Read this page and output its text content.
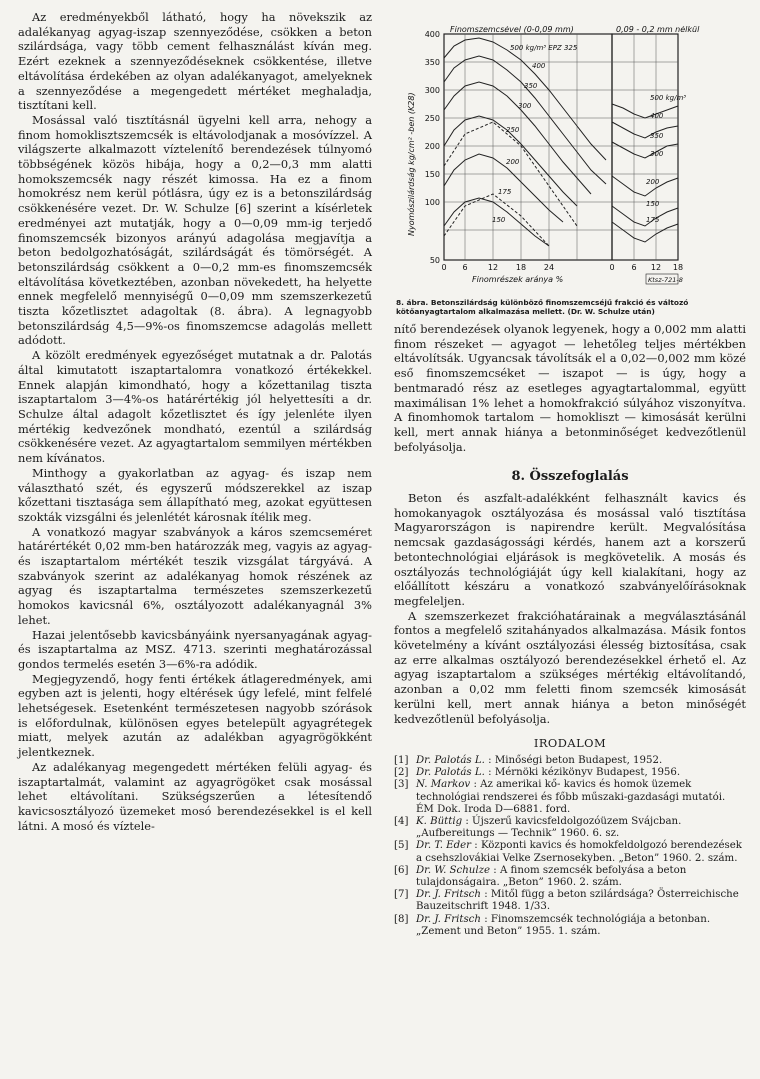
Az eredményekből látható, hogy ha növekszik az adalékanyag agyag-iszap szennyeződése, csökken a beton szilárdsága, vagy több cement felhasználást kíván meg. Ezért ezeknek a szennyeződéseknek csökkentése, illetve eltávolítása érdekében az olyan adalékanyagot, amelyeknek a szennyeződése a megengedett mértéket meghaladja, tisztítani kell.

Mosással való tisztításnál ügyelni kell arra, nehogy a finom homoklisztszemcsék is eltávolodjanak a mosóvízzel. A világszerte alkalmazott víztelenítő berendezések túlnyomó többségének közös hibája, hogy a 0,2—0,3 mm alatti homokszemcsék nagy részét kimossa. Ha ez a finom homokrész nem kerül pótlásra, úgy ez is a betonszilárdság csökkenésére vezet. Dr. W. Schulze [6] szerint a kísérletek eredményei azt mutatják, hogy a 0—0,09 mm-ig terjedő finomszemcsék bizonyos arányú adagolása megjavítja a beton bedolgozhatóságát, szilárdságát és tömörségét. A betonszilárdság csökkent a 0—0,2 mm-es finomszemcsék eltávolítása következtében, azonban növekedett, ha helyette ennek megfelelő mennyiségű 0—0,09 mm szemszerkezetű tiszta kőzetlisztet adagoltak (8. ábra). A legnagyobb betonszilárdság 4,5—9%-os finomszemcse adagolás mellett adódott.

A közölt eredmények egyezőséget mutatnak a dr. Palotás által kimutatott iszaptartalomra vonatkozó értékekkel. Ennek alapján kimondható, hogy a kőzettanilag tiszta iszaptartalom 3—4%-os határértékig jól helyettesíti a dr. Schulze által adagolt kőzetlisztet és így jelenléte ilyen mértékig kedvezőnek mondható, ezentúl a szilárdság csökkenésére vezet. Az agyagtartalom semmilyen mértékben nem kívánatos.

Minthogy a gyakorlatban az agyag- és iszap nem választható szét, és egyszerű módszerekkel az iszap kőzettani tisztasága sem állapítható meg, azokat együttesen szokták vizsgálni és jelenlétét károsnak ítélik meg.

A vonatkozó magyar szabványok a káros szemcseméret határértékét 0,02 mm-ben határozzák meg, vagyis az agyag- és iszaptartalom mértékét teszik vizsgálat tárgyává. A szabványok szerint az adalékanyag homok részének az agyag és iszaptartalma természetes szemszerkezetű homokos kavicsnál 6%, osztályozott adalékanyagnál 3% lehet.

Hazai jelentősebb kavicsbányáink nyersanyagának agyag- és iszaptartalma az MSZ. 4713. szerinti meghatározással gondos termelés esetén 3—6%-ra adódik.

Megjegyzendő, hogy fenti értékek átlageredmények, ami egyben azt is jelenti, hogy eltérések úgy lefelé, mint felfelé lehetségesek. Esetenként természetesen nagyobb szórások is előfordulnak, különösen egyes betelepült agyagrétegek miatt, melyek azután az adalékban agyagrögökként jelentkeznek.

Az adalékanyag megengedett mértéken felüli agyag- és iszaptartalmát, valamint az agyagrögöket csak mosással lehet eltávolítani. Szükségszerűen a létesítendő kavicsosztályozó üzemeket mosó berendezésekkel is el kell látni. A mosó és víztele-

400
350
300
250
200
150
100
50
0 6	12 18 24	0 6 12 18
500 kg/m³ EPZ 325
400
350
300
250
200
175
150
500 kg/m³
400
350
300
200
150
175
Finomszemcsével (0-0,09 mm)	0,09 - 0,2 mm nélkül
Nyomószilárdság kg/cm² -ben (K28)
Finomrészek aránya %	Ktsz-721-8
8. ábra. Betonszilárdság különböző finomszemcséjű frakció és változó kötőanyagtartalom alkalmazása mellett. (Dr. W. Schulze után)

nítő berendezések olyanok legyenek, hogy a 0,002 mm alatti finom részeket — agyagot — lehetőleg teljes mértékben eltávolítsák. Ugyancsak távolítsák el a 0,02—0,002 mm közé eső finomszemcséket — iszapot — is úgy, hogy a bentmaradó rész az esetleges agyagtartalommal, együtt maximálisan 1% lehet a homokfrakció súlyához viszonyítva. A finomhomok tartalom — homokliszt — kimosását kerülni kell, mert annak hiánya a betonminőséget kedvezőtlenül befolyásolja.

8. Összefoglalás

Beton és aszfalt-adalékként felhasznált kavics és homokanyagok osztályozása és mosással való tisztítása Magyarországon is napirendre került. Megvalósítása nemcsak gazdaságossági kérdés, hanem azt a korszerű betontechnológiai eljárások is megkövetelik. A mosás és osztályozás technológiáját úgy kell kialakítani, hogy az előállított készáru a vonatkozó szabványelőírásoknak megfeleljen.

A szemszerkezet frakcióhatárainak a megválasztásánál fontos a megfelelő szitahányados alkalmazása. Másik fontos követelmény a kívánt osztályozási élesség biztosítása, csak az erre alkalmas osztályozó berendezésekkel érhető el. Az agyag iszaptartalom a szükséges mértékig eltávolítandó, azonban a 0,02 mm feletti finom szemcsék kimosását kerülni kell, mert annak hiánya a beton minőségét kedvezőtlenül befolyásolja.

IRODALOM
[1] Dr. Palotás L. : Minőségi beton Budapest, 1952.
[2] Dr. Palotás L. : Mérnöki kézikönyv Budapest, 1956.
[3] N. Markov : Az amerikai kő- kavics és homok üzemek technológiai rendszerei és főbb műszaki-gazdasági mutatói. ÉM Dok. Iroda D—6881. ford.
[4] K. Büttig : Újszerű kavicsfeldolgozóüzem Svájcban. „Aufbereitungs — Technik” 1960. 6. sz.
[5] Dr. T. Eder : Központi kavics és homokfeldolgozó berendezések a csehszlovákiai Velke Zsernosekyben. „Beton” 1960. 2. szám.
[6] Dr. W. Schulze : A finom szemcsék befolyása a beton tulajdonságaira. „Beton” 1960. 2. szám.
[7] Dr. J. Fritsch : Mitől függ a beton szilárdsága? Österreichische Bauzeitschrift 1948. 1/33.
[8] Dr. J. Fritsch : Finomszemcsék technológiája a betonban. „Zement und Beton” 1955. 1. szám.
